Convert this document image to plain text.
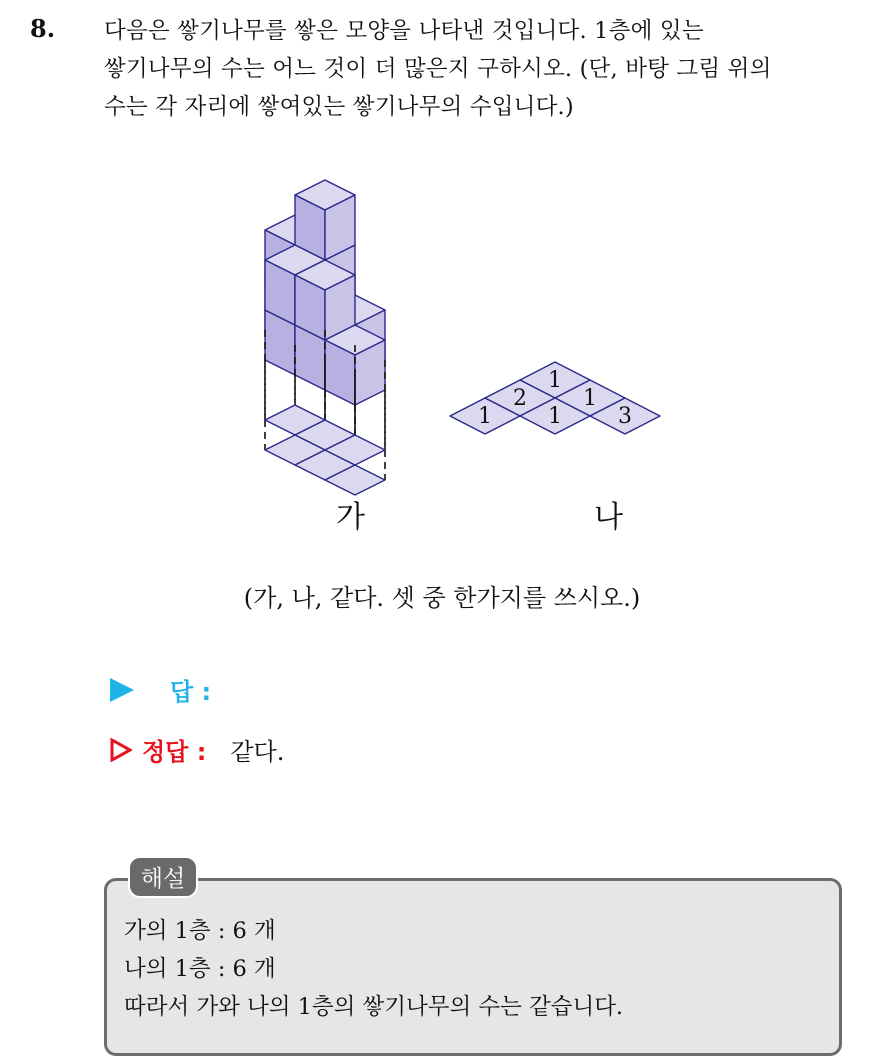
8. 다음은 쌓기나무를 쌓은 모양을 나타낸 것입니다. 1층에 있는
쌓기나무의 수는 어느 것이 더 많은지 구하시오. (단, 바탕 그림 위의
수는 각 자리에 쌓여있는 쌓기나무의 수입니다.)
1
1
3
2
1
1
가	나
(가, 나, 같다. 셋 중 한가지를 쓰시오.)
답 :
정답 : 같다.
해설
가의 1층 : 6 개
나의 1층 : 6 개
따라서 가와 나의 1층의 쌓기나무의 수는 같습니다.
